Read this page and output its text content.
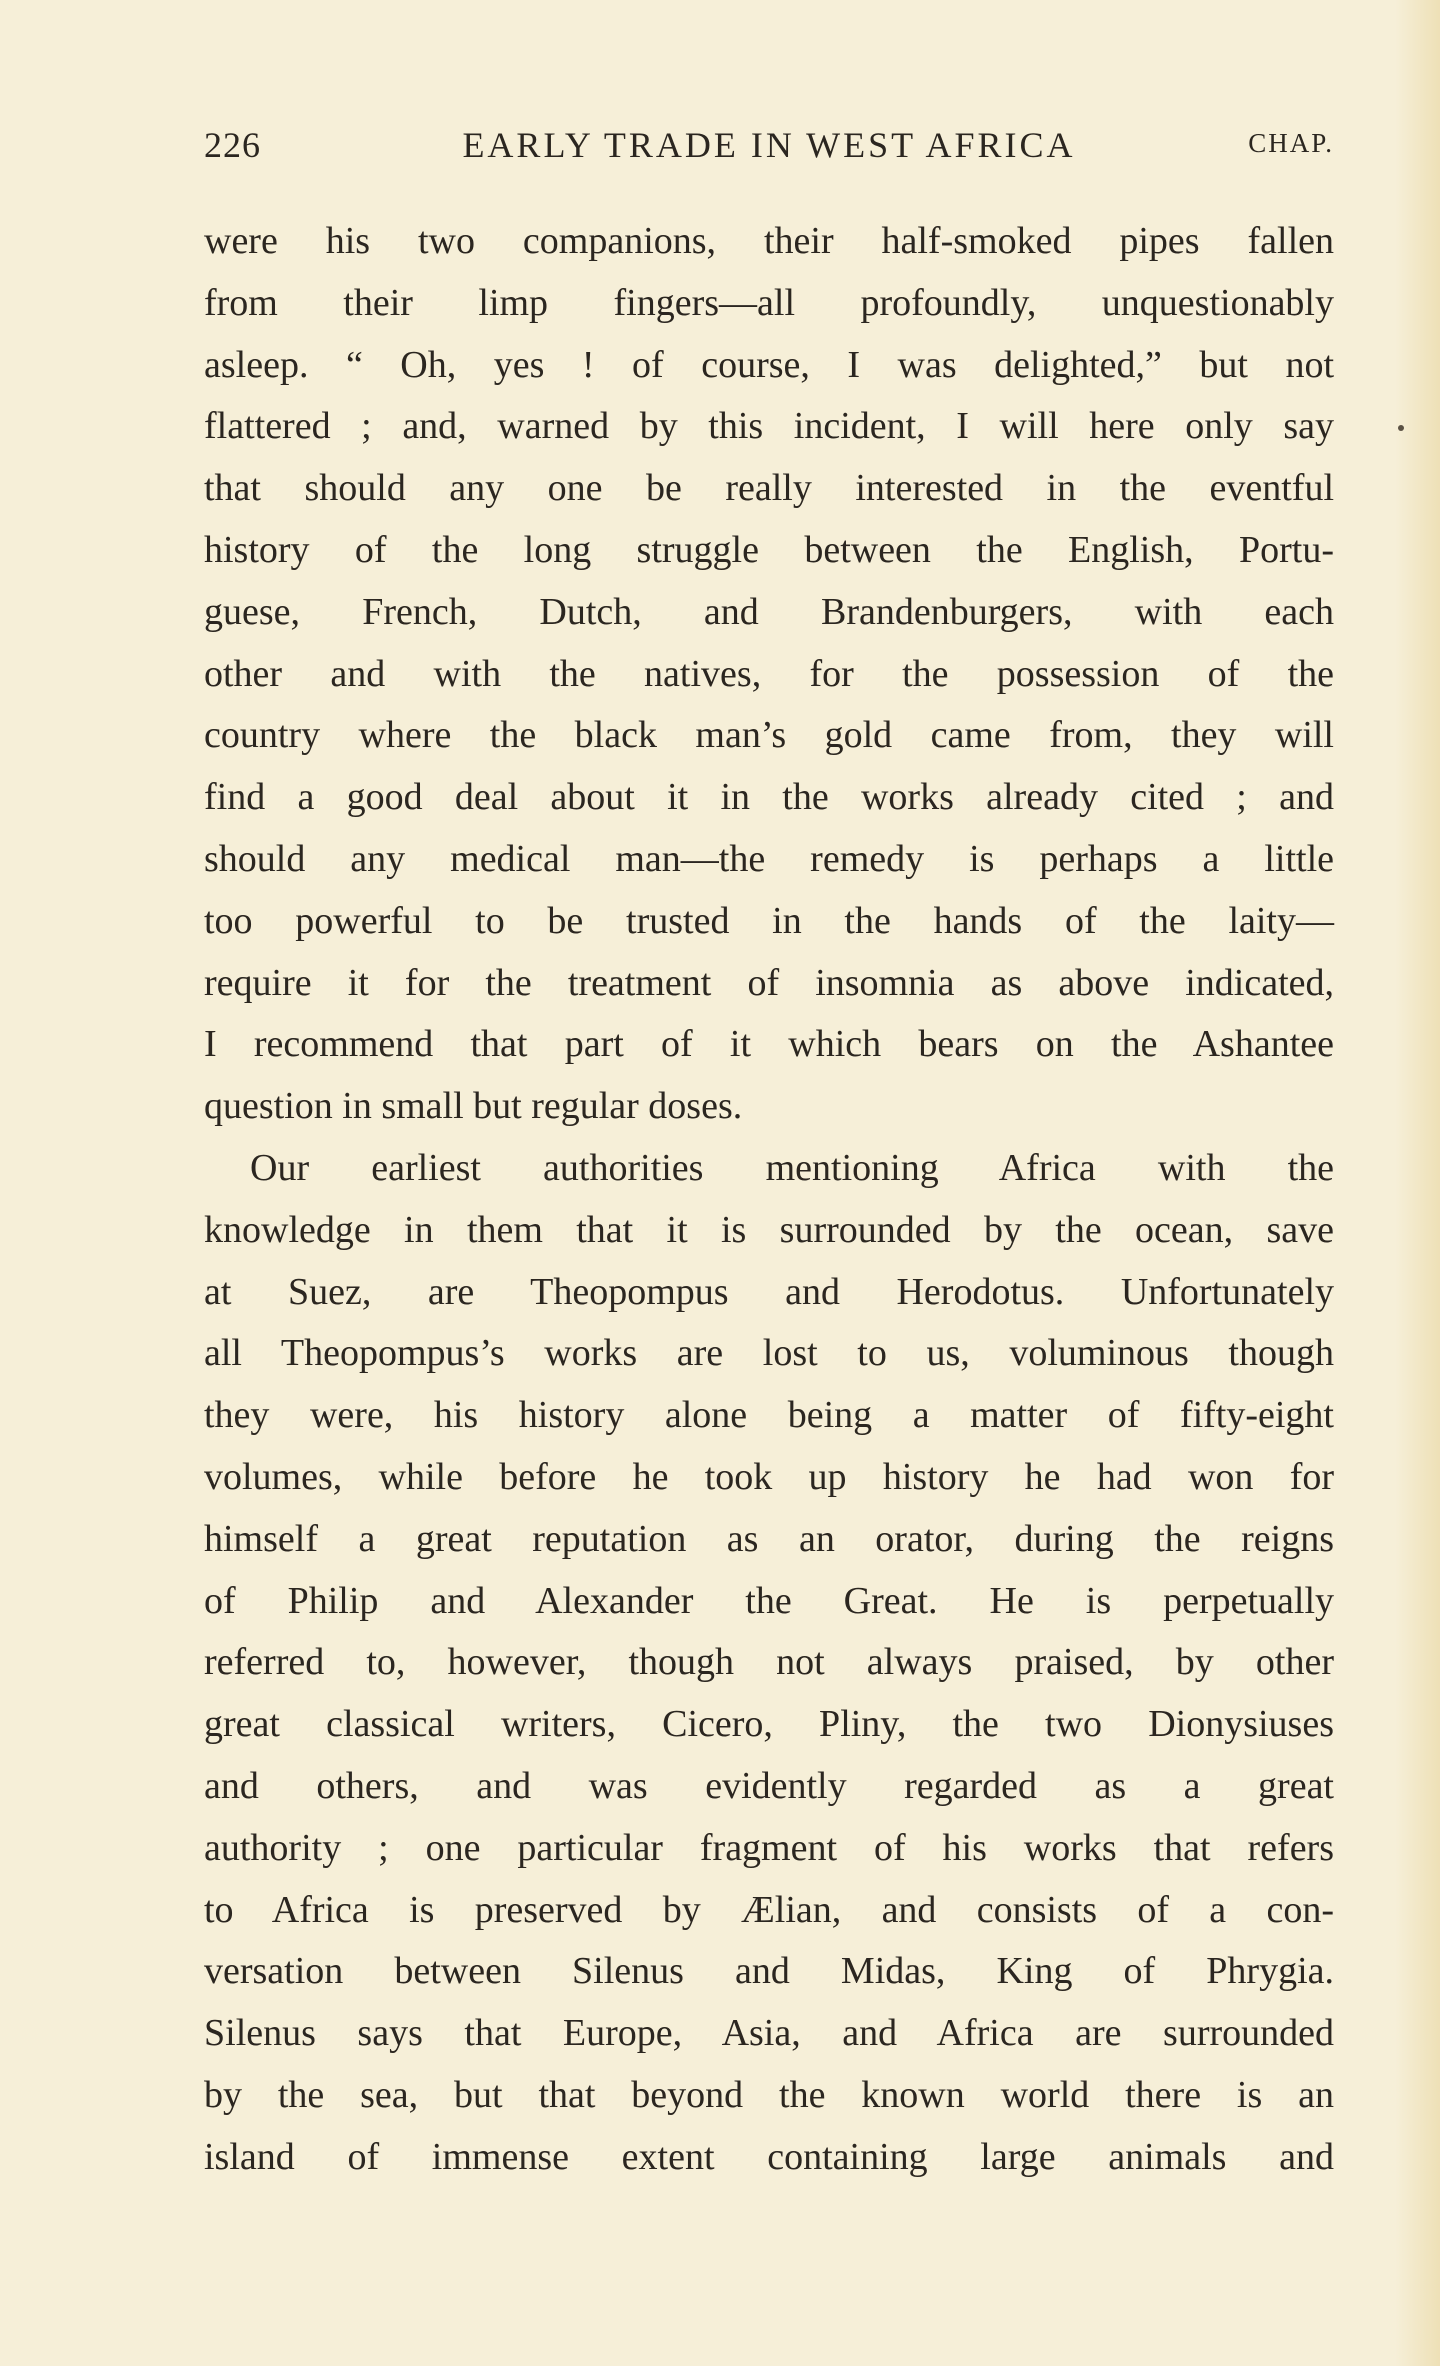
226	EARLY TRADE IN WEST AFRICA	CHAP.
were his two companions, their half-smoked pipes fallen
from their limp fingers—all profoundly, unquestionably
asleep. “ Oh, yes ! of course, I was delighted,” but not
flattered ; and, warned by this incident, I will here only say
that should any one be really interested in the eventful
history of the long struggle between the English, Portu-
guese, French, Dutch, and Brandenburgers, with each
other and with the natives, for the possession of the
country where the black man’s gold came from, they will
find a good deal about it in the works already cited ; and
should any medical man—the remedy is perhaps a little
too powerful to be trusted in the hands of the laity—
require it for the treatment of insomnia as above indicated,
I recommend that part of it which bears on the Ashantee
question in small but regular doses.
Our earliest authorities mentioning Africa with the
knowledge in them that it is surrounded by the ocean, save
at Suez, are Theopompus and Herodotus. Unfortunately
all Theopompus’s works are lost to us, voluminous though
they were, his history alone being a matter of fifty-eight
volumes, while before he took up history he had won for
himself a great reputation as an orator, during the reigns
of Philip and Alexander the Great. He is perpetually
referred to, however, though not always praised, by other
great classical writers, Cicero, Pliny, the two Dionysiuses
and others, and was evidently regarded as a great
authority ; one particular fragment of his works that refers
to Africa is preserved by Ælian, and consists of a con-
versation between Silenus and Midas, King of Phrygia.
Silenus says that Europe, Asia, and Africa are surrounded
by the sea, but that beyond the known world there is an
island of immense extent containing large animals and
